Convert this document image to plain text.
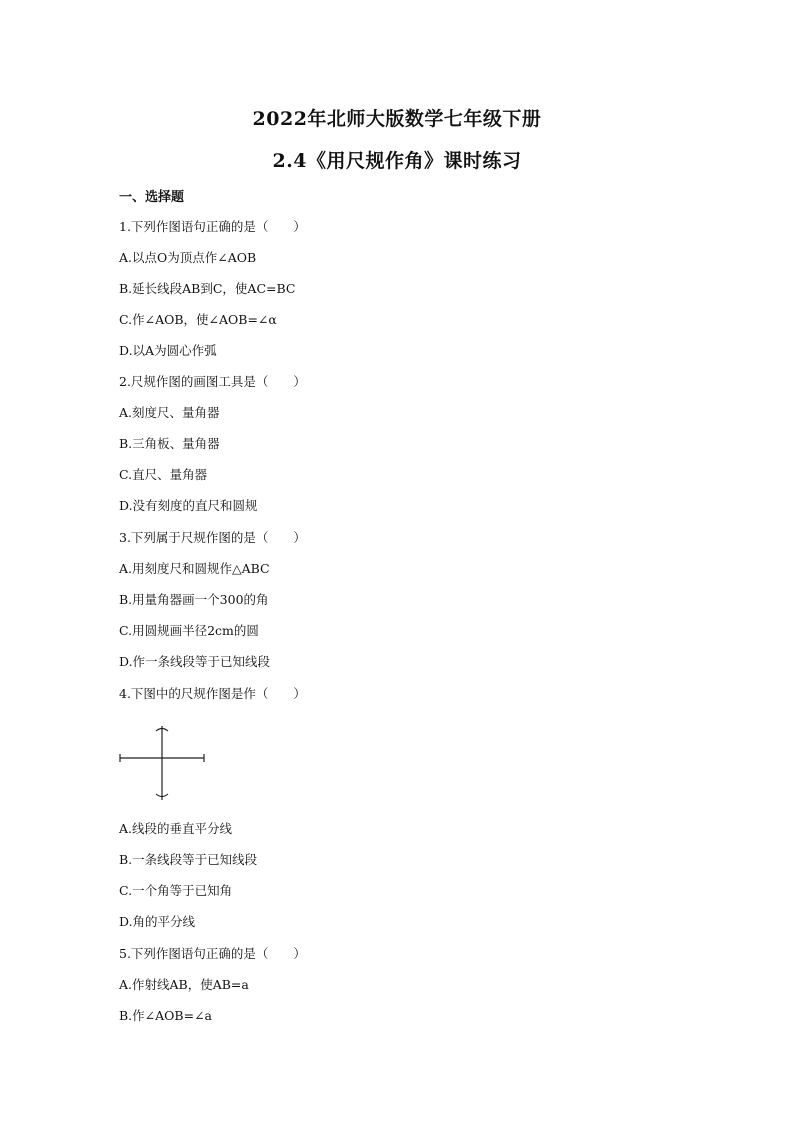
2022年北师大版数学七年级下册
2.4《用尺规作角》课时练习
一、选择题
1.下列作图语句正确的是（　　）
A.以点O为顶点作∠AOB
B.延长线段AB到C，使AC=BC
C.作∠AOB，使∠AOB=∠α
D.以A为圆心作弧
2.尺规作图的画图工具是（　　）
A.刻度尺、量角器
B.三角板、量角器
C.直尺、量角器
D.没有刻度的直尺和圆规
3.下列属于尺规作图的是（　　）
A.用刻度尺和圆规作△ABC
B.用量角器画一个300的角
C.用圆规画半径2cm的圆
D.作一条线段等于已知线段
4.下图中的尺规作图是作（　　）
A.线段的垂直平分线
B.一条线段等于已知线段
C.一个角等于已知角
D.角的平分线
5.下列作图语句正确的是（　　）
A.作射线AB，使AB=a
B.作∠AOB=∠a
